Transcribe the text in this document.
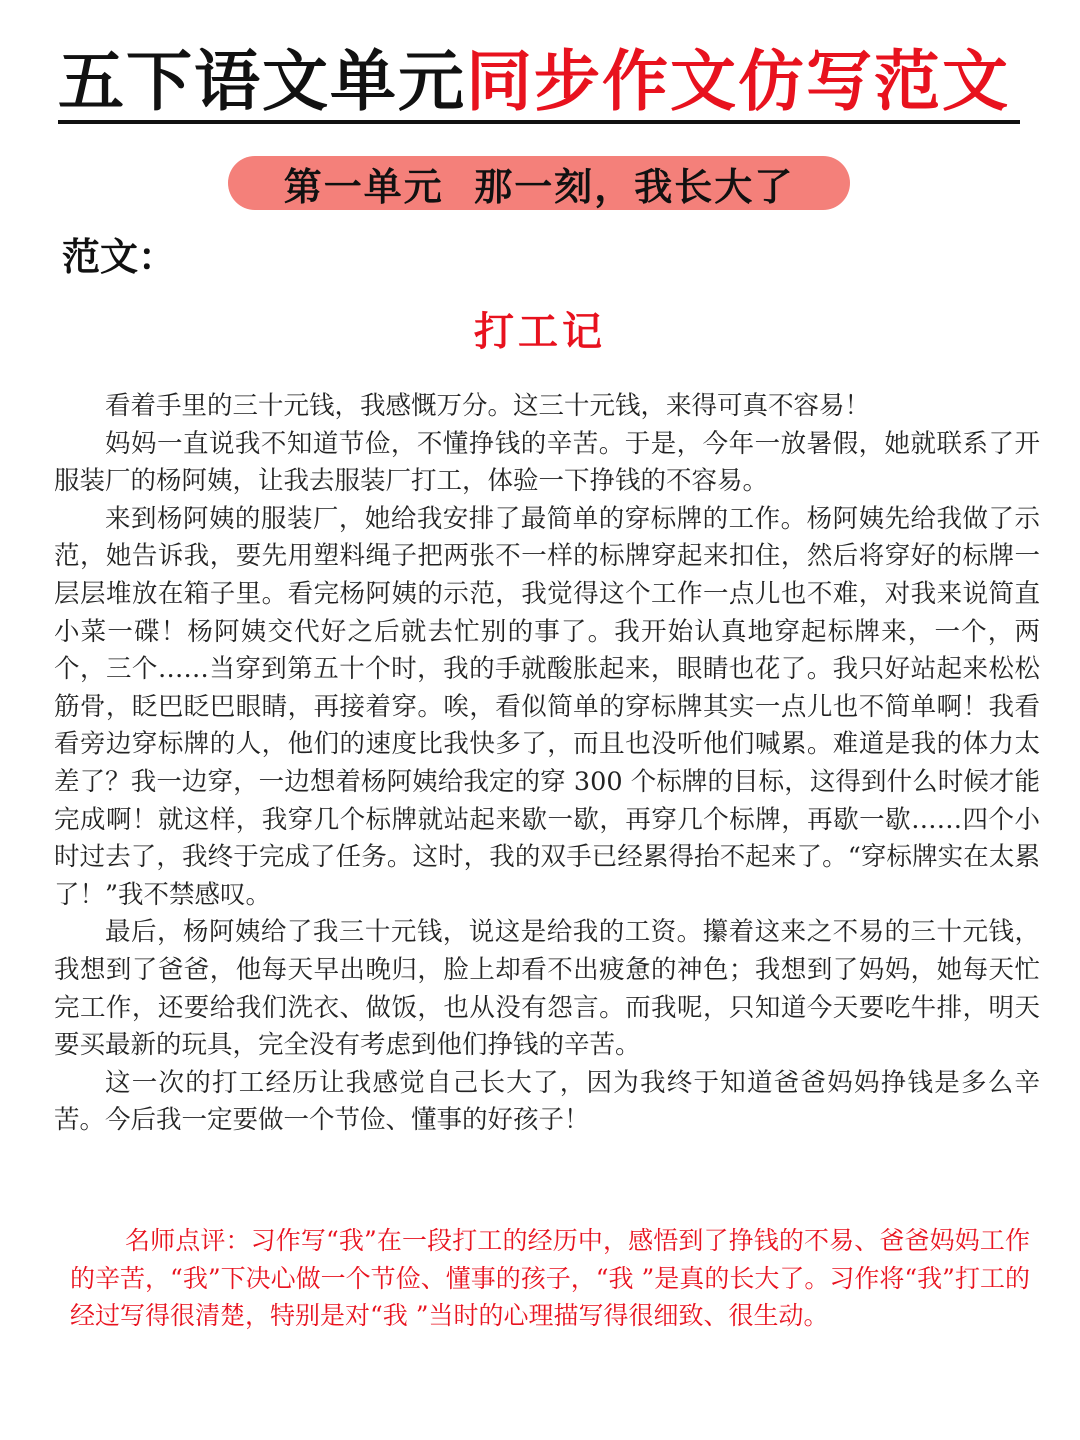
五下语文单元 同步作文仿写范文
第一单元  那一刻，我长大了
范文：
打工记

看着手里的三十元钱，我感慨万分。这三十元钱，来得可真不容易！

妈妈一直说我不知道节俭，不懂挣钱的辛苦。于是，今年一放暑假，她就联系了开服装厂的杨阿姨，让我去服装厂打工，体验一下挣钱的不容易。

来到杨阿姨的服装厂，她给我安排了最简单的穿标牌的工作。杨阿姨先给我做了示范，她告诉我，要先用塑料绳子把两张不一样的标牌穿起来扣住，然后将穿好的标牌一层层堆放在箱子里。看完杨阿姨的示范，我觉得这个工作一点儿也不难，对我来说简直小菜一碟！杨阿姨交代好之后就去忙别的事了。我开始认真地穿起标牌来，一个，两个，三个……当穿到第五十个时，我的手就酸胀起来，眼睛也花了。我只好站起来松松筋骨，眨巴眨巴眼睛，再接着穿。唉，看似简单的穿标牌其实一点儿也不简单啊！我看看旁边穿标牌的人，他们的速度比我快多了，而且也没听他们喊累。难道是我的体力太差了？我一边穿，一边想着杨阿姨给我定的穿 300 个标牌的目标，这得到什么时候才能完成啊！就这样，我穿几个标牌就站起来歇一歇，再穿几个标牌，再歇一歇……四个小时过去了，我终于完成了任务。这时，我的双手已经累得抬不起来了。“穿标牌实在太累了！”我不禁感叹。

最后，杨阿姨给了我三十元钱，说这是给我的工资。攥着这来之不易的三十元钱，我想到了爸爸，他每天早出晚归，脸上却看不出疲惫的神色；我想到了妈妈，她每天忙完工作，还要给我们洗衣、做饭，也从没有怨言。而我呢，只知道今天要吃牛排，明天要买最新的玩具，完全没有考虑到他们挣钱的辛苦。

这一次的打工经历让我感觉自己长大了，因为我终于知道爸爸妈妈挣钱是多么辛苦。今后我一定要做一个节俭、懂事的好孩子！

名师点评：习作写“我”在一段打工的经历中，感悟到了挣钱的不易、爸爸妈妈工作的辛苦，“我”下决心做一个节俭、懂事的孩子，“我 ”是真的长大了。习作将“我”打工的经过写得很清楚，特别是对“我 ”当时的心理描写得很细致、很生动。
